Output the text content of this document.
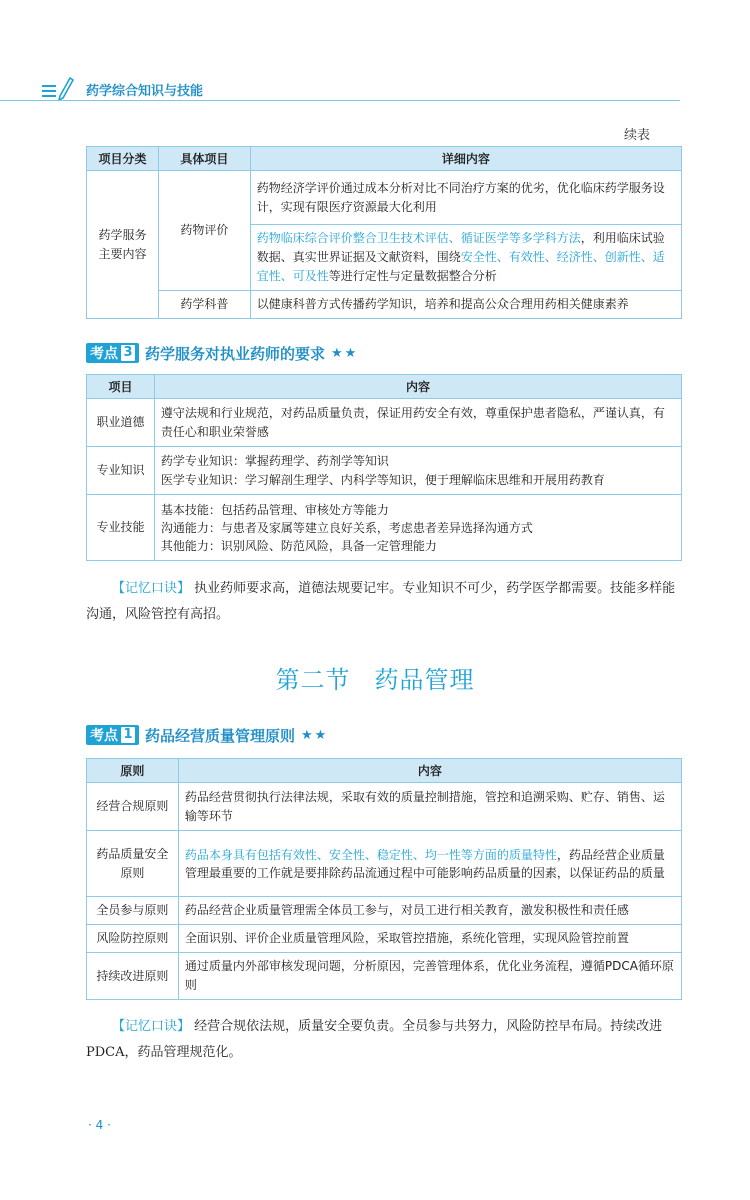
药学综合知识与技能
续表
项目分类	具体项目	详细内容
药学服务
主要内容	药物评价	药物经济学评价通过成本分析对比不同治疗方案的优劣，优化临床药学服务设计，实现有限医疗资源最大化利用
		药物临床综合评价整合卫生技术评估、循证医学等多学科方法，利用临床试验数据、真实世界证据及文献资料，围绕安全性、有效性、经济性、创新性、适宜性、可及性等进行定性与定量数据整合分析
	药学科普	以健康科普方式传播药学知识，培养和提高公众合理用药相关健康素养
考点 3 药学服务对执业药师的要求 ★★
项目	内容
职业道德	遵守法规和行业规范，对药品质量负责，保证用药安全有效，尊重保护患者隐私，严谨认真，有责任心和职业荣誉感
专业知识	药学专业知识：掌握药理学、药剂学等知识
医学专业知识：学习解剖生理学、内科学等知识，便于理解临床思维和开展用药教育
专业技能	基本技能：包括药品管理、审核处方等能力
沟通能力：与患者及家属等建立良好关系，考虑患者差异选择沟通方式
其他能力：识别风险、防范风险，具备一定管理能力
【记忆口诀】 执业药师要求高，道德法规要记牢。专业知识不可少，药学医学都需要。技能多样能沟通，风险管控有高招。
第二节 药品管理
考点 1 药品经营质量管理原则 ★★
原则	内容
经营合规原则	药品经营贯彻执行法律法规，采取有效的质量控制措施，管控和追溯采购、贮存、销售、运输等环节
药品质量安全原则	药品本身具有包括有效性、安全性、稳定性、均一性等方面的质量特性，药品经营企业质量管理最重要的工作就是要排除药品流通过程中可能影响药品质量的因素，以保证药品的质量
全员参与原则	药品经营企业质量管理需全体员工参与，对员工进行相关教育，激发积极性和责任感
风险防控原则	全面识别、评价企业质量管理风险，采取管控措施，系统化管理，实现风险管控前置
持续改进原则	通过质量内外部审核发现问题，分析原因，完善管理体系，优化业务流程，遵循PDCA循环原则
【记忆口诀】 经营合规依法规，质量安全要负责。全员参与共努力，风险防控早布局。持续改进 PDCA，药品管理规范化。
· 4 ·
